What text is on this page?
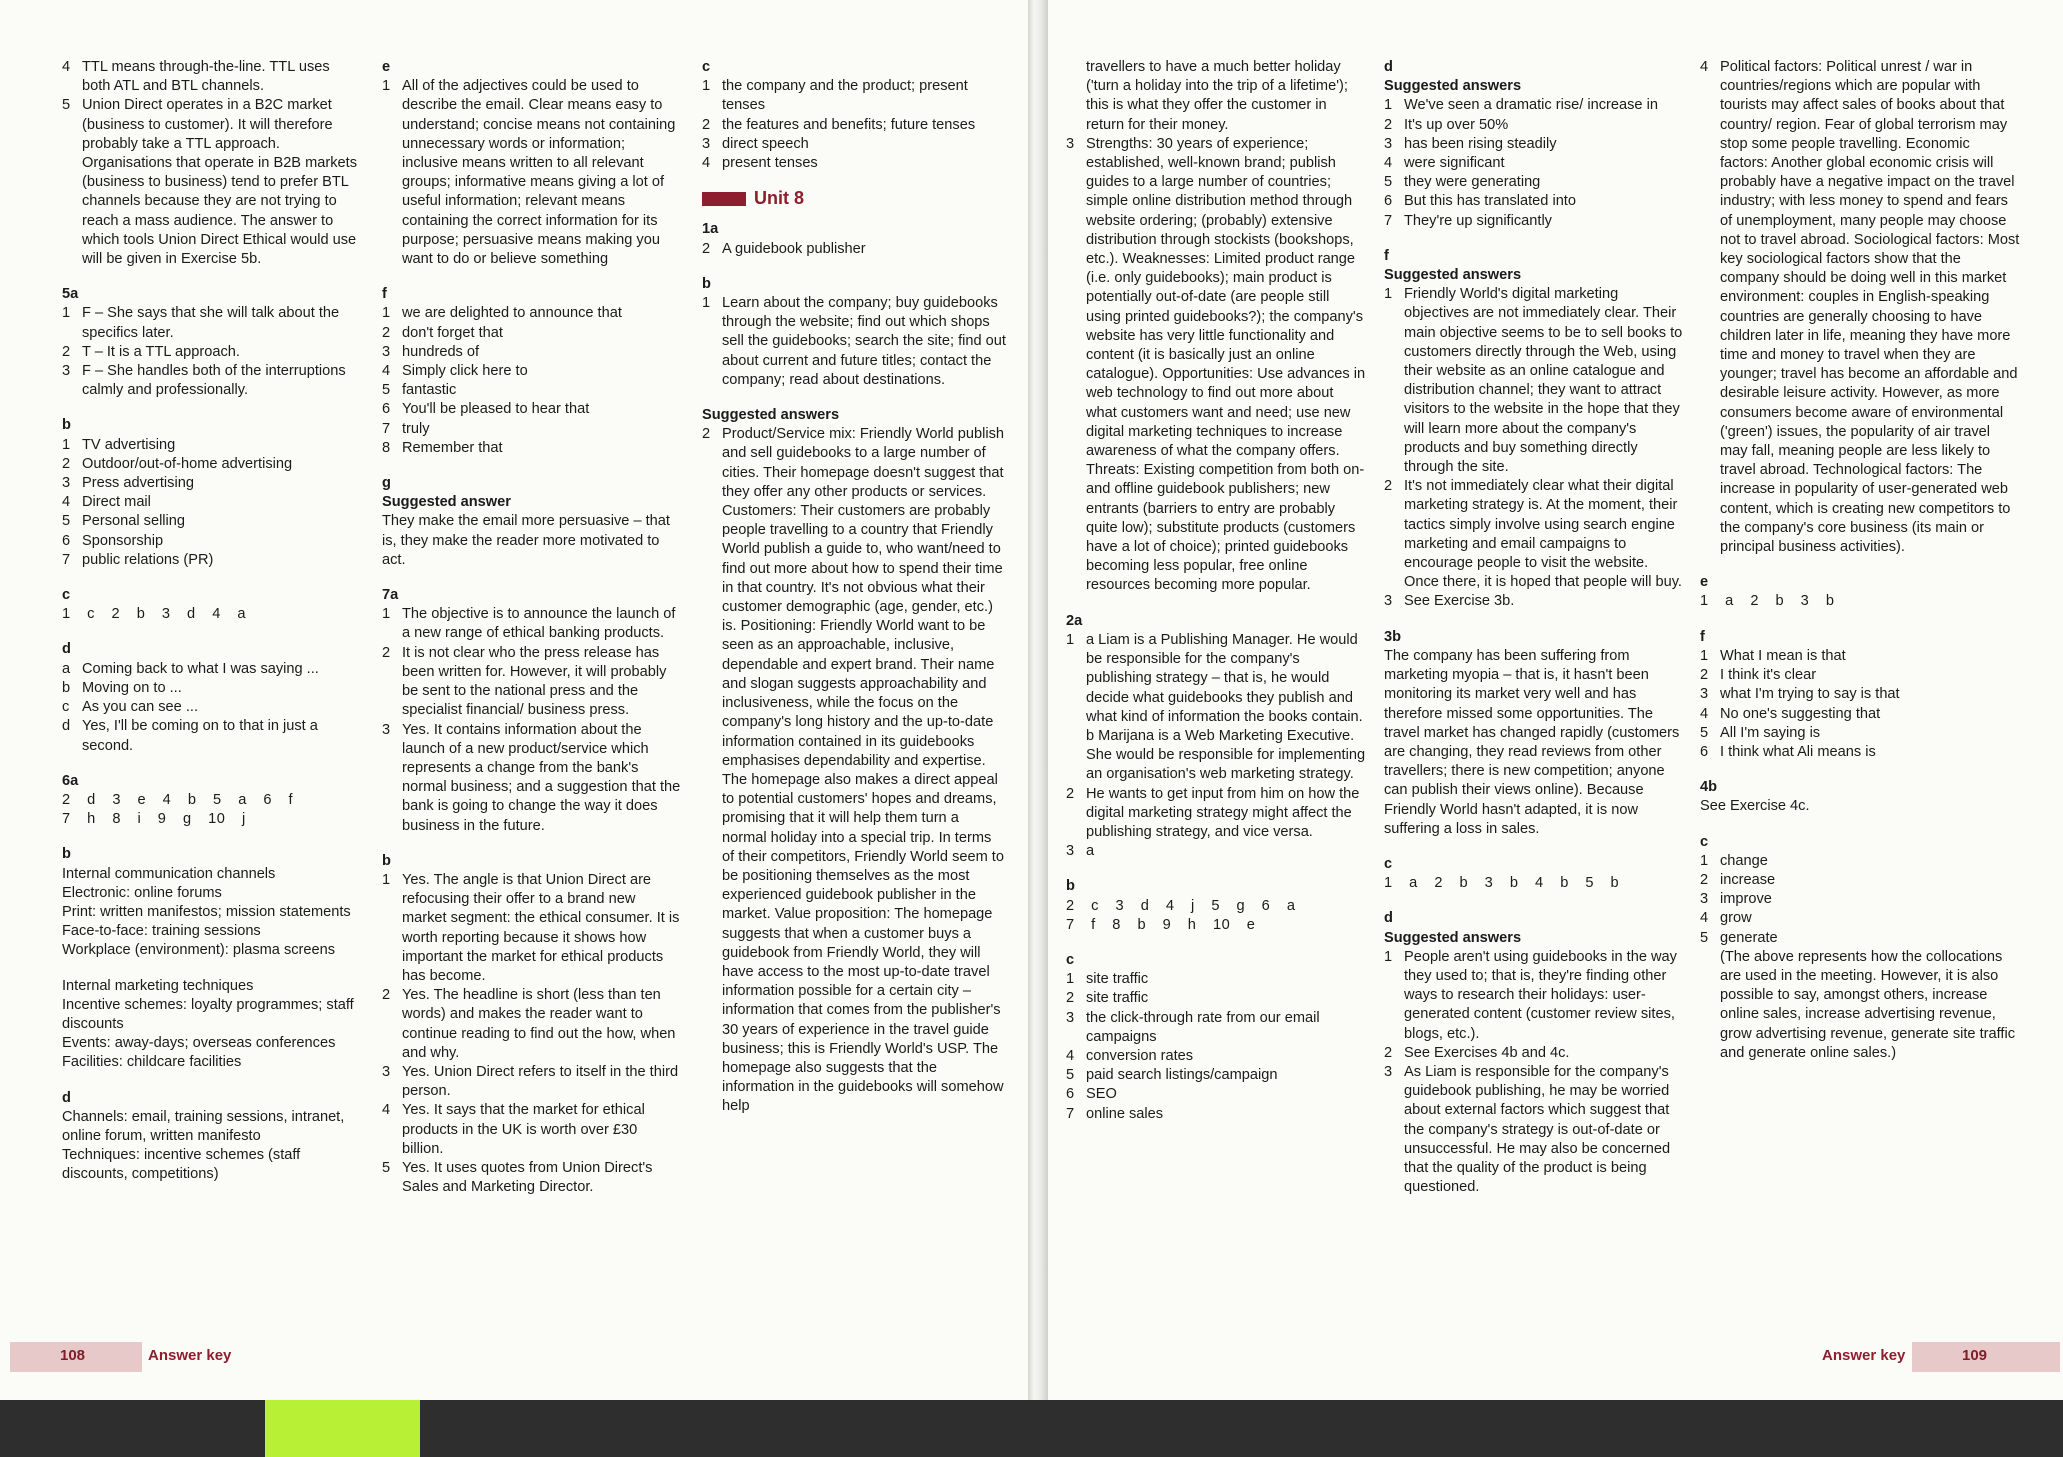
4 TTL means through-the-line. TTL uses both ATL and BTL channels.
5 Union Direct operates in a B2C market (business to customer). It will therefore probably take a TTL approach. Organisations that operate in B2B markets (business to business) tend to prefer BTL channels because they are not trying to reach a mass audience. The answer to which tools Union Direct Ethical would use will be given in Exercise 5b.
5a
1 F – She says that she will talk about the specifics later.
2 T – It is a TTL approach.
3 F – She handles both of the interruptions calmly and professionally.
b
1 TV advertising
2 Outdoor/out-of-home advertising
3 Press advertising
4 Direct mail
5 Personal selling
6 Sponsorship
7 public relations (PR)
c
1 c 2 b 3 d 4 a
d
a Coming back to what I was saying ...
b Moving on to ...
c As you can see ...
d Yes, I'll be coming on to that in just a second.
6a
2 d 3 e 4 b 5 a 6 f
7 h 8 i 9 g 10 j
b
Internal communication channels
Electronic: online forums
Print: written manifestos; mission statements
Face-to-face: training sessions
Workplace (environment): plasma screens
Internal marketing techniques
Incentive schemes: loyalty programmes; staff discounts
Events: away-days; overseas conferences
Facilities: childcare facilities
d
Channels: email, training sessions, intranet, online forum, written manifesto
Techniques: incentive schemes (staff discounts, competitions)
e
1 All of the adjectives could be used to describe the email. Clear means easy to understand; concise means not containing unnecessary words or information; inclusive means written to all relevant groups; informative means giving a lot of useful information; relevant means containing the correct information for its purpose; persuasive means making you want to do or believe something
f
1 we are delighted to announce that
2 don't forget that
3 hundreds of
4 Simply click here to
5 fantastic
6 You'll be pleased to hear that
7 truly
8 Remember that
g
Suggested answer
They make the email more persuasive – that is, they make the reader more motivated to act.
7a
1 The objective is to announce the launch of a new range of ethical banking products.
2 It is not clear who the press release has been written for. However, it will probably be sent to the national press and the specialist financial/ business press.
3 Yes. It contains information about the launch of a new product/service which represents a change from the bank's normal business; and a suggestion that the bank is going to change the way it does business in the future.
b
1 Yes. The angle is that Union Direct are refocusing their offer to a brand new market segment: the ethical consumer. It is worth reporting because it shows how important the market for ethical products has become.
2 Yes. The headline is short (less than ten words) and makes the reader want to continue reading to find out the how, when and why.
3 Yes. Union Direct refers to itself in the third person.
4 Yes. It says that the market for ethical products in the UK is worth over £30 billion.
5 Yes. It uses quotes from Union Direct's Sales and Marketing Director.
c
1 the company and the product; present tenses
2 the features and benefits; future tenses
3 direct speech
4 present tenses
Unit 8
1a
2 A guidebook publisher
b
1 Learn about the company; buy guidebooks through the website; find out which shops sell the guidebooks; search the site; find out about current and future titles; contact the company; read about destinations.
Suggested answers
2 Product/Service mix: Friendly World publish and sell guidebooks to a large number of cities. Their homepage doesn't suggest that they offer any other products or services. Customers: Their customers are probably people travelling to a country that Friendly World publish a guide to, who want/need to find out more about how to spend their time in that country. It's not obvious what their customer demographic (age, gender, etc.) is. Positioning: Friendly World want to be seen as an approachable, inclusive, dependable and expert brand. Their name and slogan suggests approachability and inclusiveness, while the focus on the company's long history and the up-to-date information contained in its guidebooks emphasises dependability and expertise. The homepage also makes a direct appeal to potential customers' hopes and dreams, promising that it will help them turn a normal holiday into a special trip. In terms of their competitors, Friendly World seem to be positioning themselves as the most experienced guidebook publisher in the market. Value proposition: The homepage suggests that when a customer buys a guidebook from Friendly World, they will have access to the most up-to-date travel information possible for a certain city – information that comes from the publisher's 30 years of experience in the travel guide business; this is Friendly World's USP. The homepage also suggests that the information in the guidebooks will somehow help
108	Answer key
travellers to have a much better holiday ('turn a holiday into the trip of a lifetime'); this is what they offer the customer in return for their money.
3 Strengths: 30 years of experience; established, well-known brand; publish guides to a large number of countries; simple online distribution method through website ordering; (probably) extensive distribution through stockists (bookshops, etc.). Weaknesses: Limited product range (i.e. only guidebooks); main product is potentially out-of-date (are people still using printed guidebooks?); the company's website has very little functionality and content (it is basically just an online catalogue). Opportunities: Use advances in web technology to find out more about what customers want and need; use new digital marketing techniques to increase awareness of what the company offers. Threats: Existing competition from both on- and offline guidebook publishers; new entrants (barriers to entry are probably quite low); substitute products (customers have a lot of choice); printed guidebooks becoming less popular, free online resources becoming more popular.
2a
1 a Liam is a Publishing Manager. He would be responsible for the company's publishing strategy – that is, he would decide what guidebooks they publish and what kind of information the books contain.
b Marijana is a Web Marketing Executive. She would be responsible for implementing an organisation's web marketing strategy.
2 He wants to get input from him on how the digital marketing strategy might affect the publishing strategy, and vice versa.
3 a
b
2 c 3 d 4 j 5 g 6 a
7 f 8 b 9 h 10 e
c
1 site traffic
2 site traffic
3 the click-through rate from our email campaigns
4 conversion rates
5 paid search listings/campaign
6 SEO
7 online sales
d
Suggested answers
1 We've seen a dramatic rise/ increase in
2 It's up over 50%
3 has been rising steadily
4 were significant
5 they were generating
6 But this has translated into
7 They're up significantly
f
Suggested answers
1 Friendly World's digital marketing objectives are not immediately clear. Their main objective seems to be to sell books to customers directly through the Web, using their website as an online catalogue and distribution channel; they want to attract visitors to the website in the hope that they will learn more about the company's products and buy something directly through the site.
2 It's not immediately clear what their digital marketing strategy is. At the moment, their tactics simply involve using search engine marketing and email campaigns to encourage people to visit the website. Once there, it is hoped that people will buy.
3 See Exercise 3b.
3b
The company has been suffering from marketing myopia – that is, it hasn't been monitoring its market very well and has therefore missed some opportunities. The travel market has changed rapidly (customers are changing, they read reviews from other travellers; there is new competition; anyone can publish their views online). Because Friendly World hasn't adapted, it is now suffering a loss in sales.
c
1 a 2 b 3 b 4 b 5 b
d
Suggested answers
1 People aren't using guidebooks in the way they used to; that is, they're finding other ways to research their holidays: user-generated content (customer review sites, blogs, etc.).
2 See Exercises 4b and 4c.
3 As Liam is responsible for the company's guidebook publishing, he may be worried about external factors which suggest that the company's strategy is out-of-date or unsuccessful. He may also be concerned that the quality of the product is being questioned.
4 Political factors: Political unrest / war in countries/regions which are popular with tourists may affect sales of books about that country/ region. Fear of global terrorism may stop some people travelling. Economic factors: Another global economic crisis will probably have a negative impact on the travel industry; with less money to spend and fears of unemployment, many people may choose not to travel abroad. Sociological factors: Most key sociological factors show that the company should be doing well in this market environment: couples in English-speaking countries are generally choosing to have children later in life, meaning they have more time and money to travel when they are younger; travel has become an affordable and desirable leisure activity. However, as more consumers become aware of environmental ('green') issues, the popularity of air travel may fall, meaning people are less likely to travel abroad. Technological factors: The increase in popularity of user-generated web content, which is creating new competitors to the company's core business (its main or principal business activities).
e
1 a 2 b 3 b
f
1 What I mean is that
2 I think it's clear
3 what I'm trying to say is that
4 No one's suggesting that
5 All I'm saying is
6 I think what Ali means is
4b
See Exercise 4c.
c
1 change
2 increase
3 improve
4 grow
5 generate
(The above represents how the collocations are used in the meeting. However, it is also possible to say, amongst others, increase online sales, increase advertising revenue, grow advertising revenue, generate site traffic and generate online sales.)
Answer key	109
